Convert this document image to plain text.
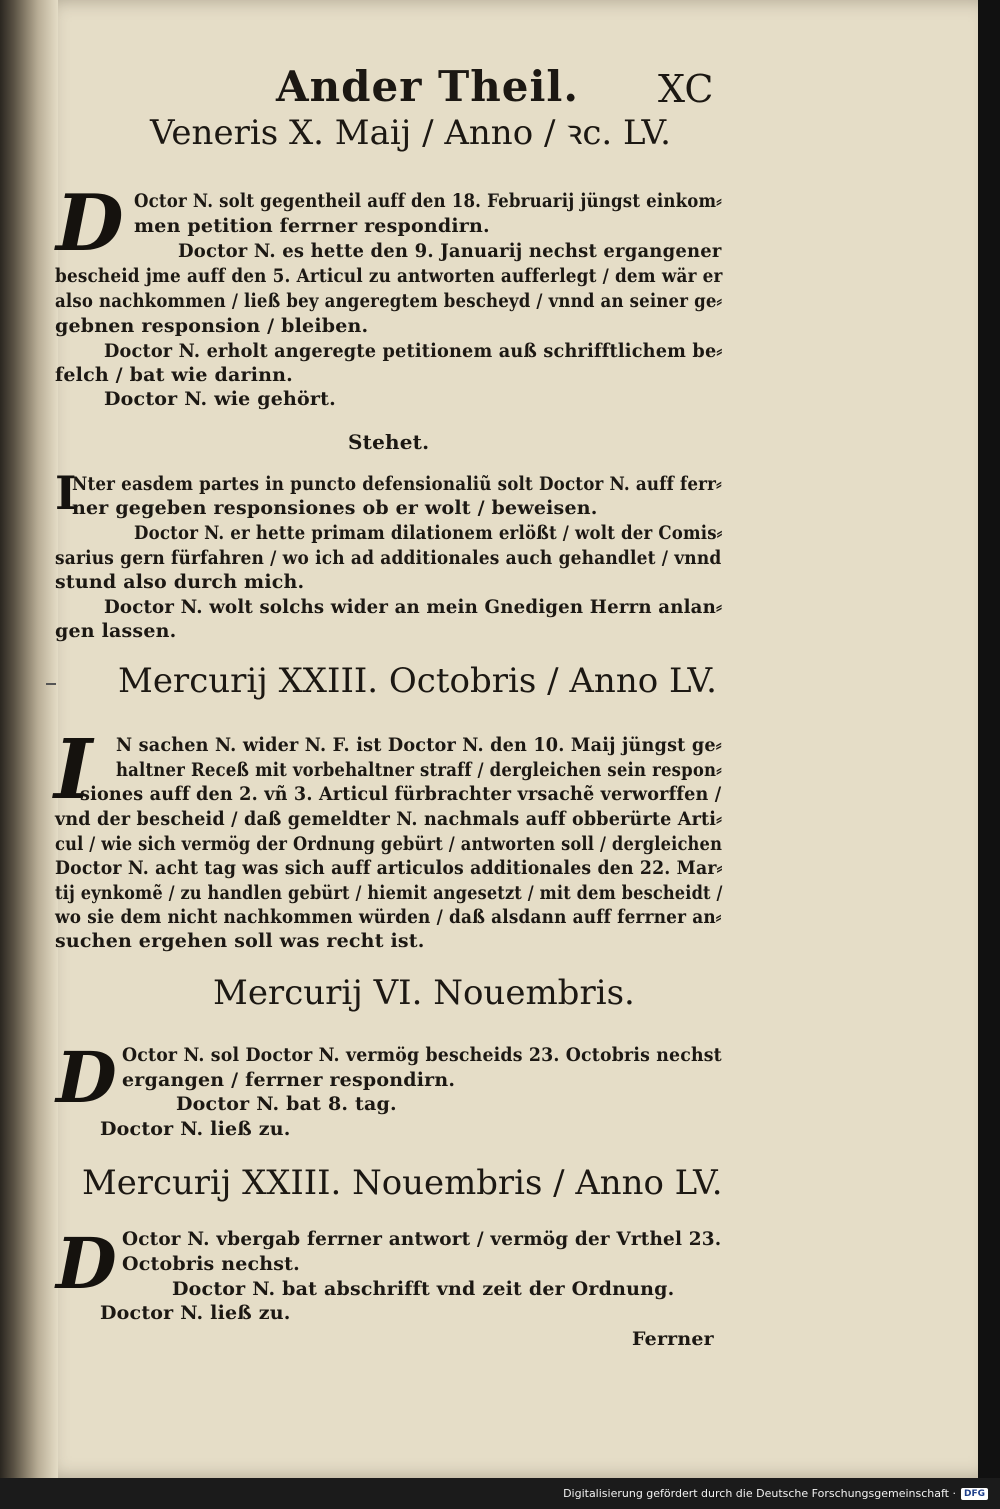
Ander Theil. XC
Veneris X. Maij / Anno / ꝛc. LV.
D Octor N. solt gegentheil auff den 18. Februarij jüngst einkom⸗
men petition ferrner respondirn.
Doctor N. es hette den 9. Januarij nechst ergangener
bescheid jme auff den 5. Articul zu antworten aufferlegt / dem wär er
also nachkommen / ließ bey angeregtem bescheyd / vnnd an seiner ge⸗
gebnen responsion / bleiben.
Doctor N. erholt angeregte petitionem auß schrifftlichem be⸗
felch / bat wie darinn.
Doctor N. wie gehört.
Stehet.
I
Nter easdem partes in puncto defensionaliũ solt Doctor N. auff ferr⸗
ner gegeben responsiones ob er wolt / beweisen.
Doctor N. er hette primam dilationem erlößt / wolt der Comis⸗
sarius gern fürfahren / wo ich ad additionales auch gehandlet / vnnd
stund also durch mich.
Doctor N. wolt solchs wider an mein Gnedigen Herrn anlan⸗
gen lassen.
Mercurij XXIII. Octobris / Anno LV.
I N sachen N. wider N. F. ist Doctor N. den 10. Maij jüngst ge⸗
haltner Receß mit vorbehaltner straff / dergleichen sein respon⸗
siones auff den 2. vñ 3. Articul fürbrachter vrsachẽ verworffen /
vnd der bescheid / daß gemeldter N. nachmals auff obberürte Arti⸗
cul / wie sich vermög der Ordnung gebürt / antworten soll / dergleichen
Doctor N. acht tag was sich auff articulos additionales den 22. Mar⸗
tij eynkomẽ / zu handlen gebürt / hiemit angesetzt / mit dem bescheidt /
wo sie dem nicht nachkommen würden / daß alsdann auff ferrner an⸗
suchen ergehen soll was recht ist.
Mercurij VI. Nouembris.
D Octor N. sol Doctor N. vermög bescheids 23. Octobris nechst
ergangen / ferrner respondirn.
Doctor N. bat 8. tag.
Doctor N. ließ zu.
Mercurij XXIII. Nouembris / Anno LV.
D Octor N. vbergab ferrner antwort / vermög der Vrthel 23.
Octobris nechst.
Doctor N. bat abschrifft vnd zeit der Ordnung.
Doctor N. ließ zu.
Ferrner
Digitalisierung gefördert durch die Deutsche Forschungsgemeinschaft · DFG
